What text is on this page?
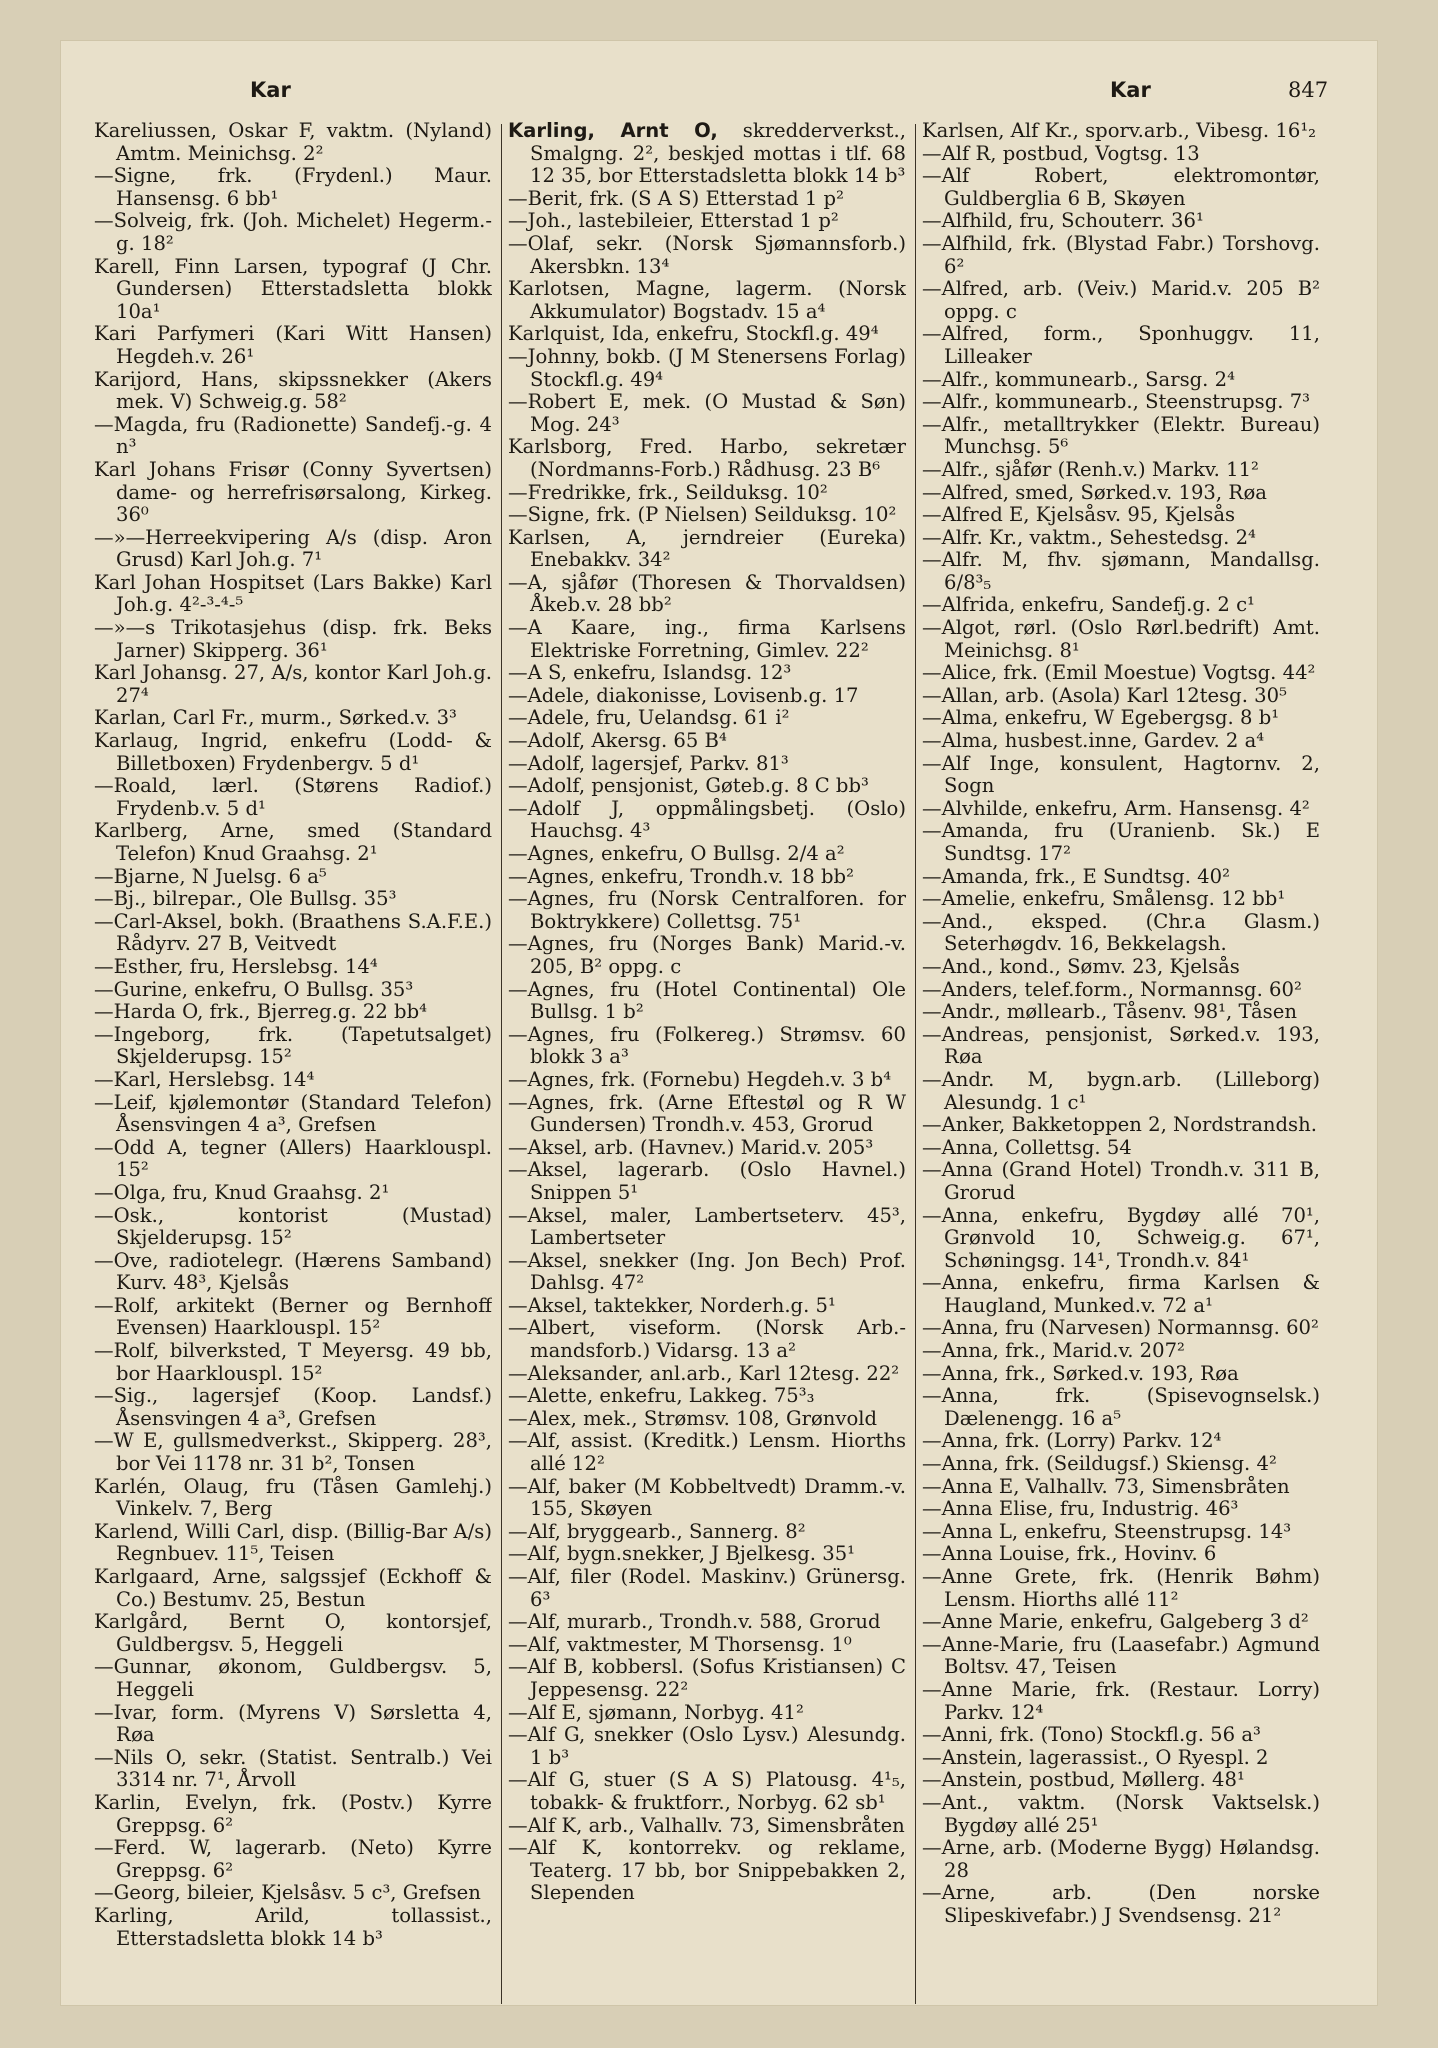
Kar	Kar	847
Kareliussen, Oskar F, vaktm. (Nyland) Amtm. Meinichsg. 2²
—Signe, frk. (Frydenl.) Maur. Hansensg. 6 bb¹
—Solveig, frk. (Joh. Michelet) Hegerm.-g. 18²
Karell, Finn Larsen, typograf (J Chr. Gundersen) Etterstadsletta blokk 10a¹
Kari Parfymeri (Kari Witt Hansen) Hegdeh.v. 26¹
Karijord, Hans, skipssnekker (Akers mek. V) Schweig.g. 58²
—Magda, fru (Radionette) Sandefj.-g. 4 n³
Karl Johans Frisør (Conny Syvertsen) dame- og herrefrisørsalong, Kirkeg. 36⁰
—»—Herreekvipering A/s (disp. Aron Grusd) Karl Joh.g. 7¹
Karl Johan Hospitset (Lars Bakke) Karl Joh.g. 4²‐³‐⁴‐⁵
—»—s Trikotasjehus (disp. frk. Beks Jarner) Skipperg. 36¹
Karl Johansg. 27, A/s, kontor Karl Joh.g. 27⁴
Karlan, Carl Fr., murm., Sørked.v. 3³
Karlaug, Ingrid, enkefru (Lodd- & Billetboxen) Frydenbergv. 5 d¹
—Roald, lærl. (Størens Radiof.) Frydenb.v. 5 d¹
Karlberg, Arne, smed (Standard Telefon) Knud Graahsg. 2¹
—Bjarne, N Juelsg. 6 a⁵
—Bj., bilrepar., Ole Bullsg. 35³
—Carl-Aksel, bokh. (Braathens S.A.F.E.) Rådyrv. 27 B, Veitvedt
—Esther, fru, Herslebsg. 14⁴
—Gurine, enkefru, O Bullsg. 35³
—Harda O, frk., Bjerreg.g. 22 bb⁴
—Ingeborg, frk. (Tapetutsalget) Skjelderupsg. 15²
—Karl, Herslebsg. 14⁴
—Leif, kjølemontør (Standard Telefon) Åsensvingen 4 a³, Grefsen
—Odd A, tegner (Allers) Haarklouspl. 15²
—Olga, fru, Knud Graahsg. 2¹
—Osk., kontorist (Mustad) Skjelderupsg. 15²
—Ove, radiotelegr. (Hærens Samband) Kurv. 48³, Kjelsås
—Rolf, arkitekt (Berner og Bernhoff Evensen) Haarklouspl. 15²
—Rolf, bilverksted, T Meyersg. 49 bb, bor Haarklouspl. 15²
—Sig., lagersjef (Koop. Landsf.) Åsensvingen 4 a³, Grefsen
—W E, gullsmedverkst., Skipperg. 28³, bor Vei 1178 nr. 31 b², Tonsen
Karlén, Olaug, fru (Tåsen Gamlehj.) Vinkelv. 7, Berg
Karlend, Willi Carl, disp. (Billig-Bar A/s) Regnbuev. 11⁵, Teisen
Karlgaard, Arne, salgssjef (Eckhoff & Co.) Bestumv. 25, Bestun
Karlgård, Bernt O, kontorsjef, Guldbergsv. 5, Heggeli
—Gunnar, økonom, Guldbergsv. 5, Heggeli
—Ivar, form. (Myrens V) Sørsletta 4, Røa
—Nils O, sekr. (Statist. Sentralb.) Vei 3314 nr. 7¹, Årvoll
Karlin, Evelyn, frk. (Postv.) Kyrre Greppsg. 6²
—Ferd. W, lagerarb. (Neto) Kyrre Greppsg. 6²
—Georg, bileier, Kjelsåsv. 5 c³, Grefsen
Karling, Arild, tollassist., Etterstadsletta blokk 14 b³
Karling, Arnt O, skredderverkst., Smalgng. 2², beskjed mottas i tlf. 68 12 35, bor Etterstadsletta blokk 14 b³
—Berit, frk. (S A S) Etterstad 1 p²
—Joh., lastebileier, Etterstad 1 p²
—Olaf, sekr. (Norsk Sjømannsforb.) Akersbkn. 13⁴
Karlotsen, Magne, lagerm. (Norsk Akkumulator) Bogstadv. 15 a⁴
Karlquist, Ida, enkefru, Stockfl.g. 49⁴
—Johnny, bokb. (J M Stenersens Forlag) Stockfl.g. 49⁴
—Robert E, mek. (O Mustad & Søn) Mog. 24³
Karlsborg, Fred. Harbo, sekretær (Nordmanns-Forb.) Rådhusg. 23 B⁶
—Fredrikke, frk., Seilduksg. 10²
—Signe, frk. (P Nielsen) Seilduksg. 10²
Karlsen, A, jerndreier (Eureka) Enebakkv. 34²
—A, sjåfør (Thoresen & Thorvaldsen) Åkeb.v. 28 bb²
—A Kaare, ing., firma Karlsens Elektriske Forretning, Gimlev. 22²
—A S, enkefru, Islandsg. 12³
—Adele, diakonisse, Lovisenb.g. 17
—Adele, fru, Uelandsg. 61 i²
—Adolf, Akersg. 65 B⁴
—Adolf, lagersjef, Parkv. 81³
—Adolf, pensjonist, Gøteb.g. 8 C bb³
—Adolf J, oppmålingsbetj. (Oslo) Hauchsg. 4³
—Agnes, enkefru, O Bullsg. 2/4 a²
—Agnes, enkefru, Trondh.v. 18 bb²
—Agnes, fru (Norsk Centralforen. for Boktrykkere) Collettsg. 75¹
—Agnes, fru (Norges Bank) Marid.-v. 205, B² oppg. c
—Agnes, fru (Hotel Continental) Ole Bullsg. 1 b²
—Agnes, fru (Folkereg.) Strømsv. 60 blokk 3 a³
—Agnes, frk. (Fornebu) Hegdeh.v. 3 b⁴
—Agnes, frk. (Arne Eftestøl og R W Gundersen) Trondh.v. 453, Grorud
—Aksel, arb. (Havnev.) Marid.v. 205³
—Aksel, lagerarb. (Oslo Havnel.) Snippen 5¹
—Aksel, maler, Lambertseterv. 45³, Lambertseter
—Aksel, snekker (Ing. Jon Bech) Prof. Dahlsg. 47²
—Aksel, taktekker, Norderh.g. 5¹
—Albert, viseform. (Norsk Arb.-mandsforb.) Vidarsg. 13 a²
—Aleksander, anl.arb., Karl 12tesg. 22²
—Alette, enkefru, Lakkeg. 75³₃
—Alex, mek., Strømsv. 108, Grønvold
—Alf, assist. (Kreditk.) Lensm. Hiorths allé 12²
—Alf, baker (M Kobbeltvedt) Dramm.-v. 155, Skøyen
—Alf, bryggearb., Sannerg. 8²
—Alf, bygn.snekker, J Bjelkesg. 35¹
—Alf, filer (Rodel. Maskinv.) Grünersg. 6³
—Alf, murarb., Trondh.v. 588, Grorud
—Alf, vaktmester, M Thorsensg. 1⁰
—Alf B, kobbersl. (Sofus Kristiansen) C Jeppesensg. 22²
—Alf E, sjømann, Norbyg. 41²
—Alf G, snekker (Oslo Lysv.) Alesundg. 1 b³
—Alf G, stuer (S A S) Platousg. 4¹₅, tobakk- & fruktforr., Norbyg. 62 sb¹
—Alf K, arb., Valhallv. 73, Simensbråten
—Alf K, kontorrekv. og reklame, Teaterg. 17 bb, bor Snippebakken 2, Slependen
Karlsen, Alf Kr., sporv.arb., Vibesg. 16¹₂
—Alf R, postbud, Vogtsg. 13
—Alf Robert, elektromontør, Guldberglia 6 B, Skøyen
—Alfhild, fru, Schouterr. 36¹
—Alfhild, frk. (Blystad Fabr.) Torshovg. 6²
—Alfred, arb. (Veiv.) Marid.v. 205 B² oppg. c
—Alfred, form., Sponhuggv. 11, Lilleaker
—Alfr., kommunearb., Sarsg. 2⁴
—Alfr., kommunearb., Steenstrupsg. 7³
—Alfr., metalltrykker (Elektr. Bureau) Munchsg. 5⁶
—Alfr., sjåfør (Renh.v.) Markv. 11²
—Alfred, smed, Sørked.v. 193, Røa
—Alfred E, Kjelsåsv. 95, Kjelsås
—Alfr. Kr., vaktm., Sehestedsg. 2⁴
—Alfr. M, fhv. sjømann, Mandallsg. 6/8³₅
—Alfrida, enkefru, Sandefj.g. 2 c¹
—Algot, rørl. (Oslo Rørl.bedrift) Amt. Meinichsg. 8¹
—Alice, frk. (Emil Moestue) Vogtsg. 44²
—Allan, arb. (Asola) Karl 12tesg. 30⁵
—Alma, enkefru, W Egebergsg. 8 b¹
—Alma, husbest.inne, Gardev. 2 a⁴
—Alf Inge, konsulent, Hagtornv. 2, Sogn
—Alvhilde, enkefru, Arm. Hansensg. 4²
—Amanda, fru (Uranienb. Sk.) E Sundtsg. 17²
—Amanda, frk., E Sundtsg. 40²
—Amelie, enkefru, Smålensg. 12 bb¹
—And., eksped. (Chr.a Glasm.) Seterhøgdv. 16, Bekkelagsh.
—And., kond., Sømv. 23, Kjelsås
—Anders, telef.form., Normannsg. 60²
—Andr., møllearb., Tåsenv. 98¹, Tåsen
—Andreas, pensjonist, Sørked.v. 193, Røa
—Andr. M, bygn.arb. (Lilleborg) Alesundg. 1 c¹
—Anker, Bakketoppen 2, Nordstrandsh.
—Anna, Collettsg. 54
—Anna (Grand Hotel) Trondh.v. 311 B, Grorud
—Anna, enkefru, Bygdøy allé 70¹, Grønvold 10, Schweig.g. 67¹, Schøningsg. 14¹, Trondh.v. 84¹
—Anna, enkefru, firma Karlsen & Haugland, Munked.v. 72 a¹
—Anna, fru (Narvesen) Normannsg. 60²
—Anna, frk., Marid.v. 207²
—Anna, frk., Sørked.v. 193, Røa
—Anna, frk. (Spisevognselsk.) Dælenengg. 16 a⁵
—Anna, frk. (Lorry) Parkv. 12⁴
—Anna, frk. (Seildugsf.) Skiensg. 4²
—Anna E, Valhallv. 73, Simensbråten
—Anna Elise, fru, Industrig. 46³
—Anna L, enkefru, Steenstrupsg. 14³
—Anna Louise, frk., Hovinv. 6
—Anne Grete, frk. (Henrik Bøhm) Lensm. Hiorths allé 11²
—Anne Marie, enkefru, Galgeberg 3 d²
—Anne-Marie, fru (Laasefabr.) Agmund Boltsv. 47, Teisen
—Anne Marie, frk. (Restaur. Lorry) Parkv. 12⁴
—Anni, frk. (Tono) Stockfl.g. 56 a³
—Anstein, lagerassist., O Ryespl. 2
—Anstein, postbud, Møllerg. 48¹
—Ant., vaktm. (Norsk Vaktselsk.) Bygdøy allé 25¹
—Arne, arb. (Moderne Bygg) Hølandsg. 28
—Arne, arb. (Den norske Slipeskivefabr.) J Svendsensg. 21²
